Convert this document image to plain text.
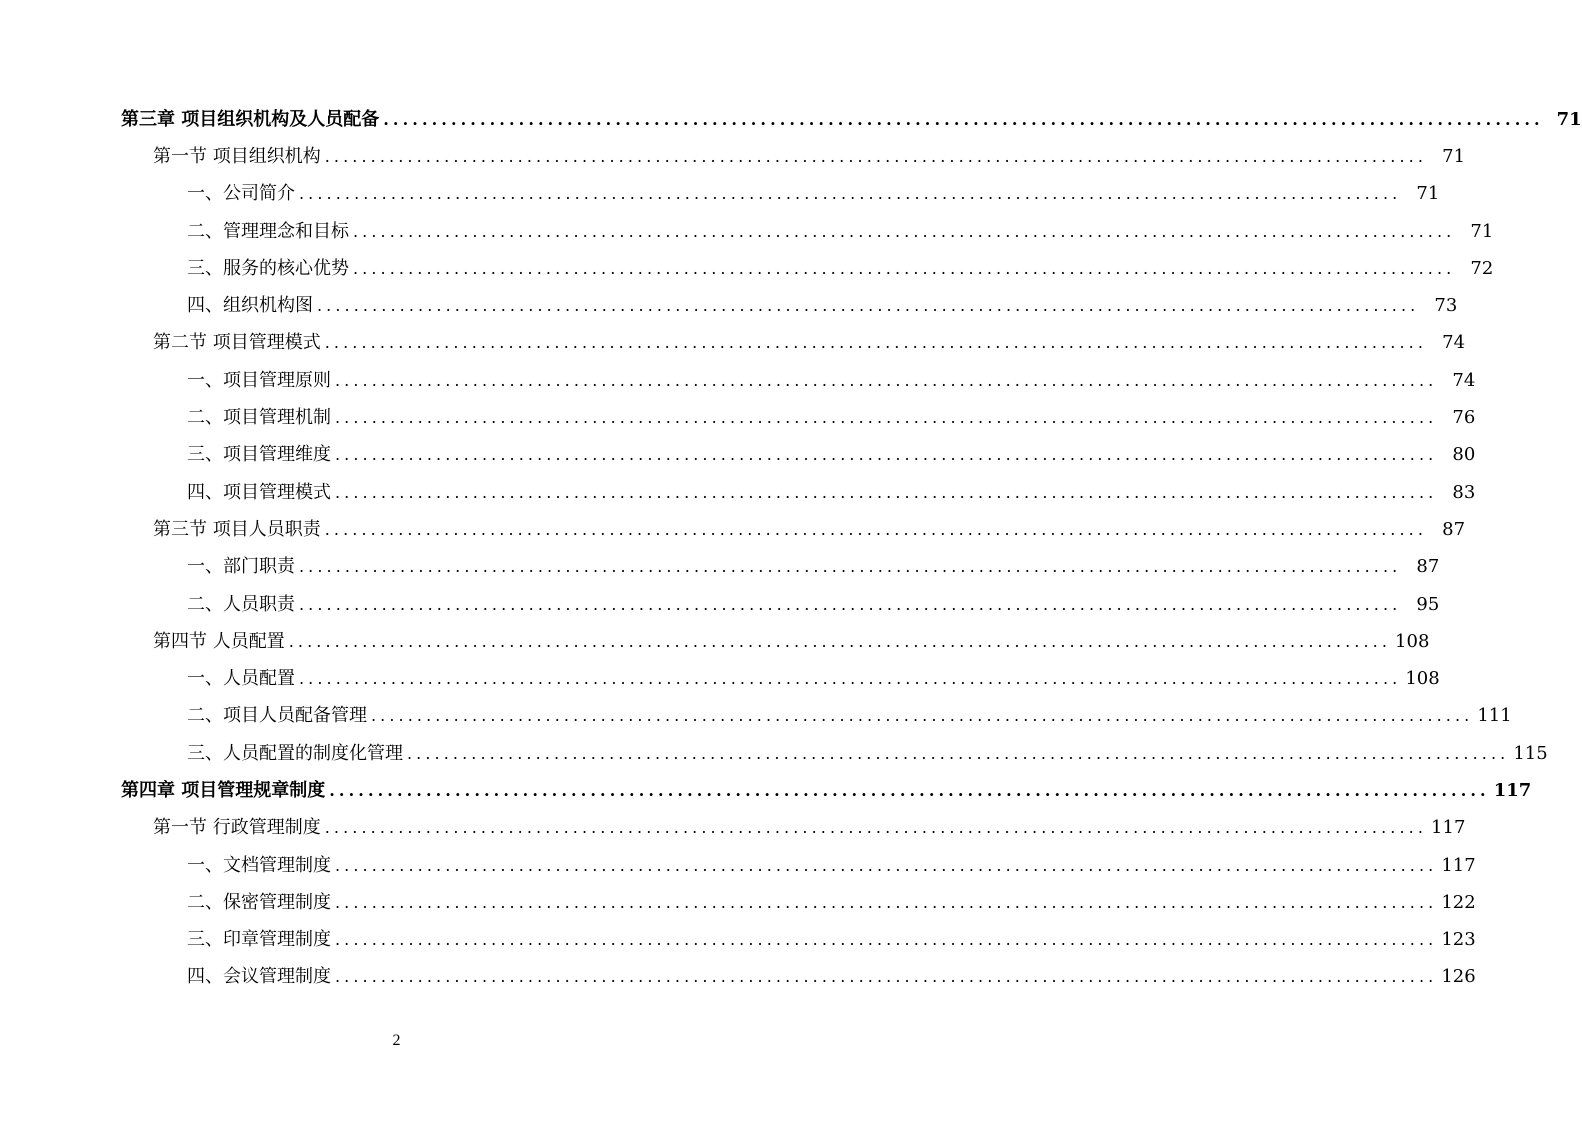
第三章 项目组织机构及人员配备 ........................................................................................................................ 71
第一节 项目组织机构 ........................................................................................................................ 71
一、公司简介 ........................................................................................................................ 71
二、管理理念和目标 ........................................................................................................................ 71
三、服务的核心优势 ........................................................................................................................ 72
四、组织机构图 ........................................................................................................................ 73
第二节 项目管理模式 ........................................................................................................................ 74
一、项目管理原则 ........................................................................................................................ 74
二、项目管理机制 ........................................................................................................................ 76
三、项目管理维度 ........................................................................................................................ 80
四、项目管理模式 ........................................................................................................................ 83
第三节 项目人员职责 ........................................................................................................................ 87
一、部门职责 ........................................................................................................................ 87
二、人员职责 ........................................................................................................................ 95
第四节 人员配置 ........................................................................................................................ 108
一、人员配置 ........................................................................................................................ 108
二、项目人员配备管理 ........................................................................................................................ 111
三、人员配置的制度化管理 ........................................................................................................................ 115
第四章 项目管理规章制度 ........................................................................................................................ 117
第一节 行政管理制度 ........................................................................................................................ 117
一、文档管理制度 ........................................................................................................................ 117
二、保密管理制度 ........................................................................................................................ 122
三、印章管理制度 ........................................................................................................................ 123
四、会议管理制度 ........................................................................................................................ 126
2
